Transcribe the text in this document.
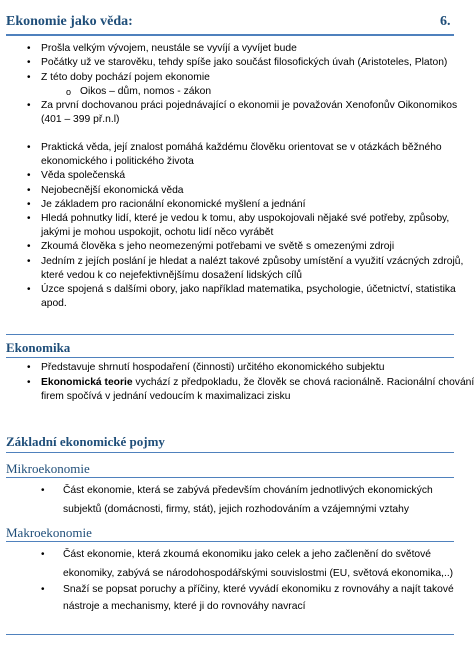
Ekonomie jako věda:	6.
• Prošla velkým vývojem, neustále se vyvíjí a vyvíjet bude
• Počátky už ve starověku, tehdy spíše jako součást filosofických úvah (Aristoteles, Platon)
• Z této doby pochází pojem ekonomie
o Oikos – dům, nomos - zákon
• Za první dochovanou práci pojednávající o ekonomii je považován Xenofonův Oikonomikos
(401 – 399 př.n.l)
• Praktická věda, její znalost pomáhá každému člověku orientovat se v otázkách běžného
ekonomického i politického života
• Věda společenská
• Nejobecnější ekonomická věda
• Je základem pro racionální ekonomické myšlení a jednání
• Hledá pohnutky lidí, které je vedou k tomu, aby uspokojovali nějaké své potřeby, způsoby,
jakými je mohou uspokojit, ochotu lidí něco vyrábět
• Zkoumá člověka s jeho neomezenými potřebami ve světě s omezenými zdroji
• Jedním z jejích poslání je hledat a nalézt takové způsoby umístění a využití vzácných zdrojů,
které vedou k co nejefektivnějšímu dosažení lidských cílů
• Úzce spojená s dalšími obory, jako například matematika, psychologie, účetnictví, statistika
apod.
Ekonomika
• Představuje shrnutí hospodaření (činnosti) určitého ekonomického subjektu
• Ekonomická teorie vychází z předpokladu, že člověk se chová racionálně. Racionální chování
firem spočívá v jednání vedoucím k maximalizaci zisku
Základní ekonomické pojmy
Mikroekonomie
• Část ekonomie, která se zabývá především chováním jednotlivých ekonomických
subjektů (domácnosti, firmy, stát), jejich rozhodováním a vzájemnými vztahy
Makroekonomie
• Část ekonomie, která zkoumá ekonomiku jako celek a jeho začlenění do světové
ekonomiky, zabývá se národohospodářskými souvislostmi (EU, světová ekonomika,..)
• Snaží se popsat poruchy a příčiny, které vyvádí ekonomiku z rovnováhy a najít takové
nástroje a mechanismy, které ji do rovnováhy navrací
